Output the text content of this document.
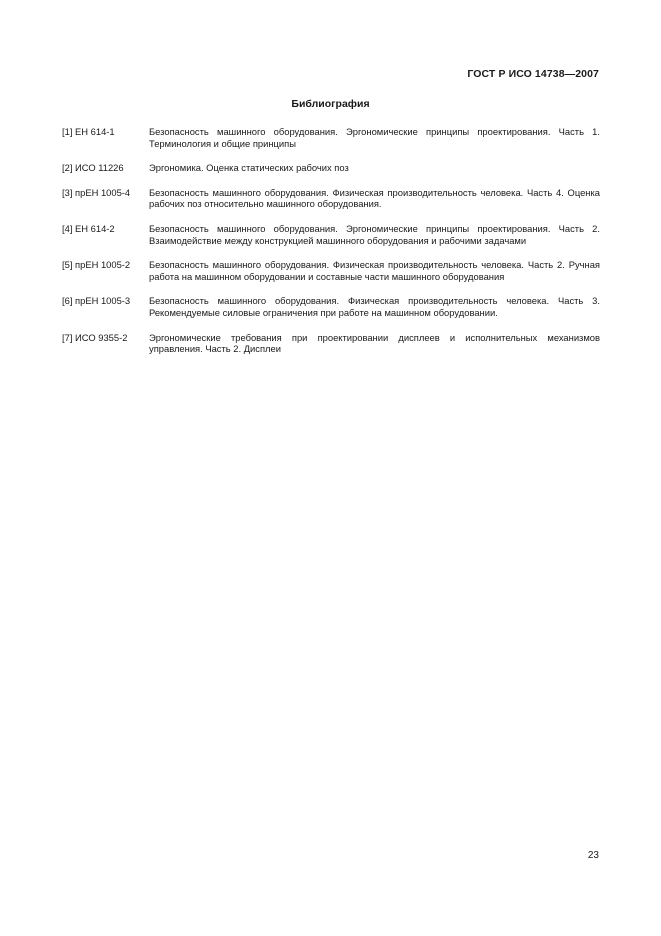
ГОСТ Р ИСО 14738—2007
Библиография
[1] ЕН 614-1	Безопасность машинного оборудования. Эргономические принципы проектирования. Часть 1. Терминология и общие принципы
[2] ИСО 11226	Эргономика. Оценка статических рабочих поз
[3] прЕН 1005-4	Безопасность машинного оборудования. Физическая производительность человека. Часть 4. Оценка рабочих поз относительно машинного оборудования.
[4] ЕН 614-2	Безопасность машинного оборудования. Эргономические принципы проектирования. Часть 2. Взаимодействие между конструкцией машинного оборудования и рабочими задачами
[5] прЕН 1005-2	Безопасность машинного оборудования. Физическая производительность человека. Часть 2. Ручная работа на машинном оборудовании и составные части машинного оборудования
[6] прЕН 1005-3	Безопасность машинного оборудования. Физическая производительность человека. Часть 3. Рекомендуемые силовые ограничения при работе на машинном оборудовании.
[7] ИСО 9355-2	Эргономические требования при проектировании дисплеев и исполнительных механизмов управления. Часть 2. Дисплеи
23
